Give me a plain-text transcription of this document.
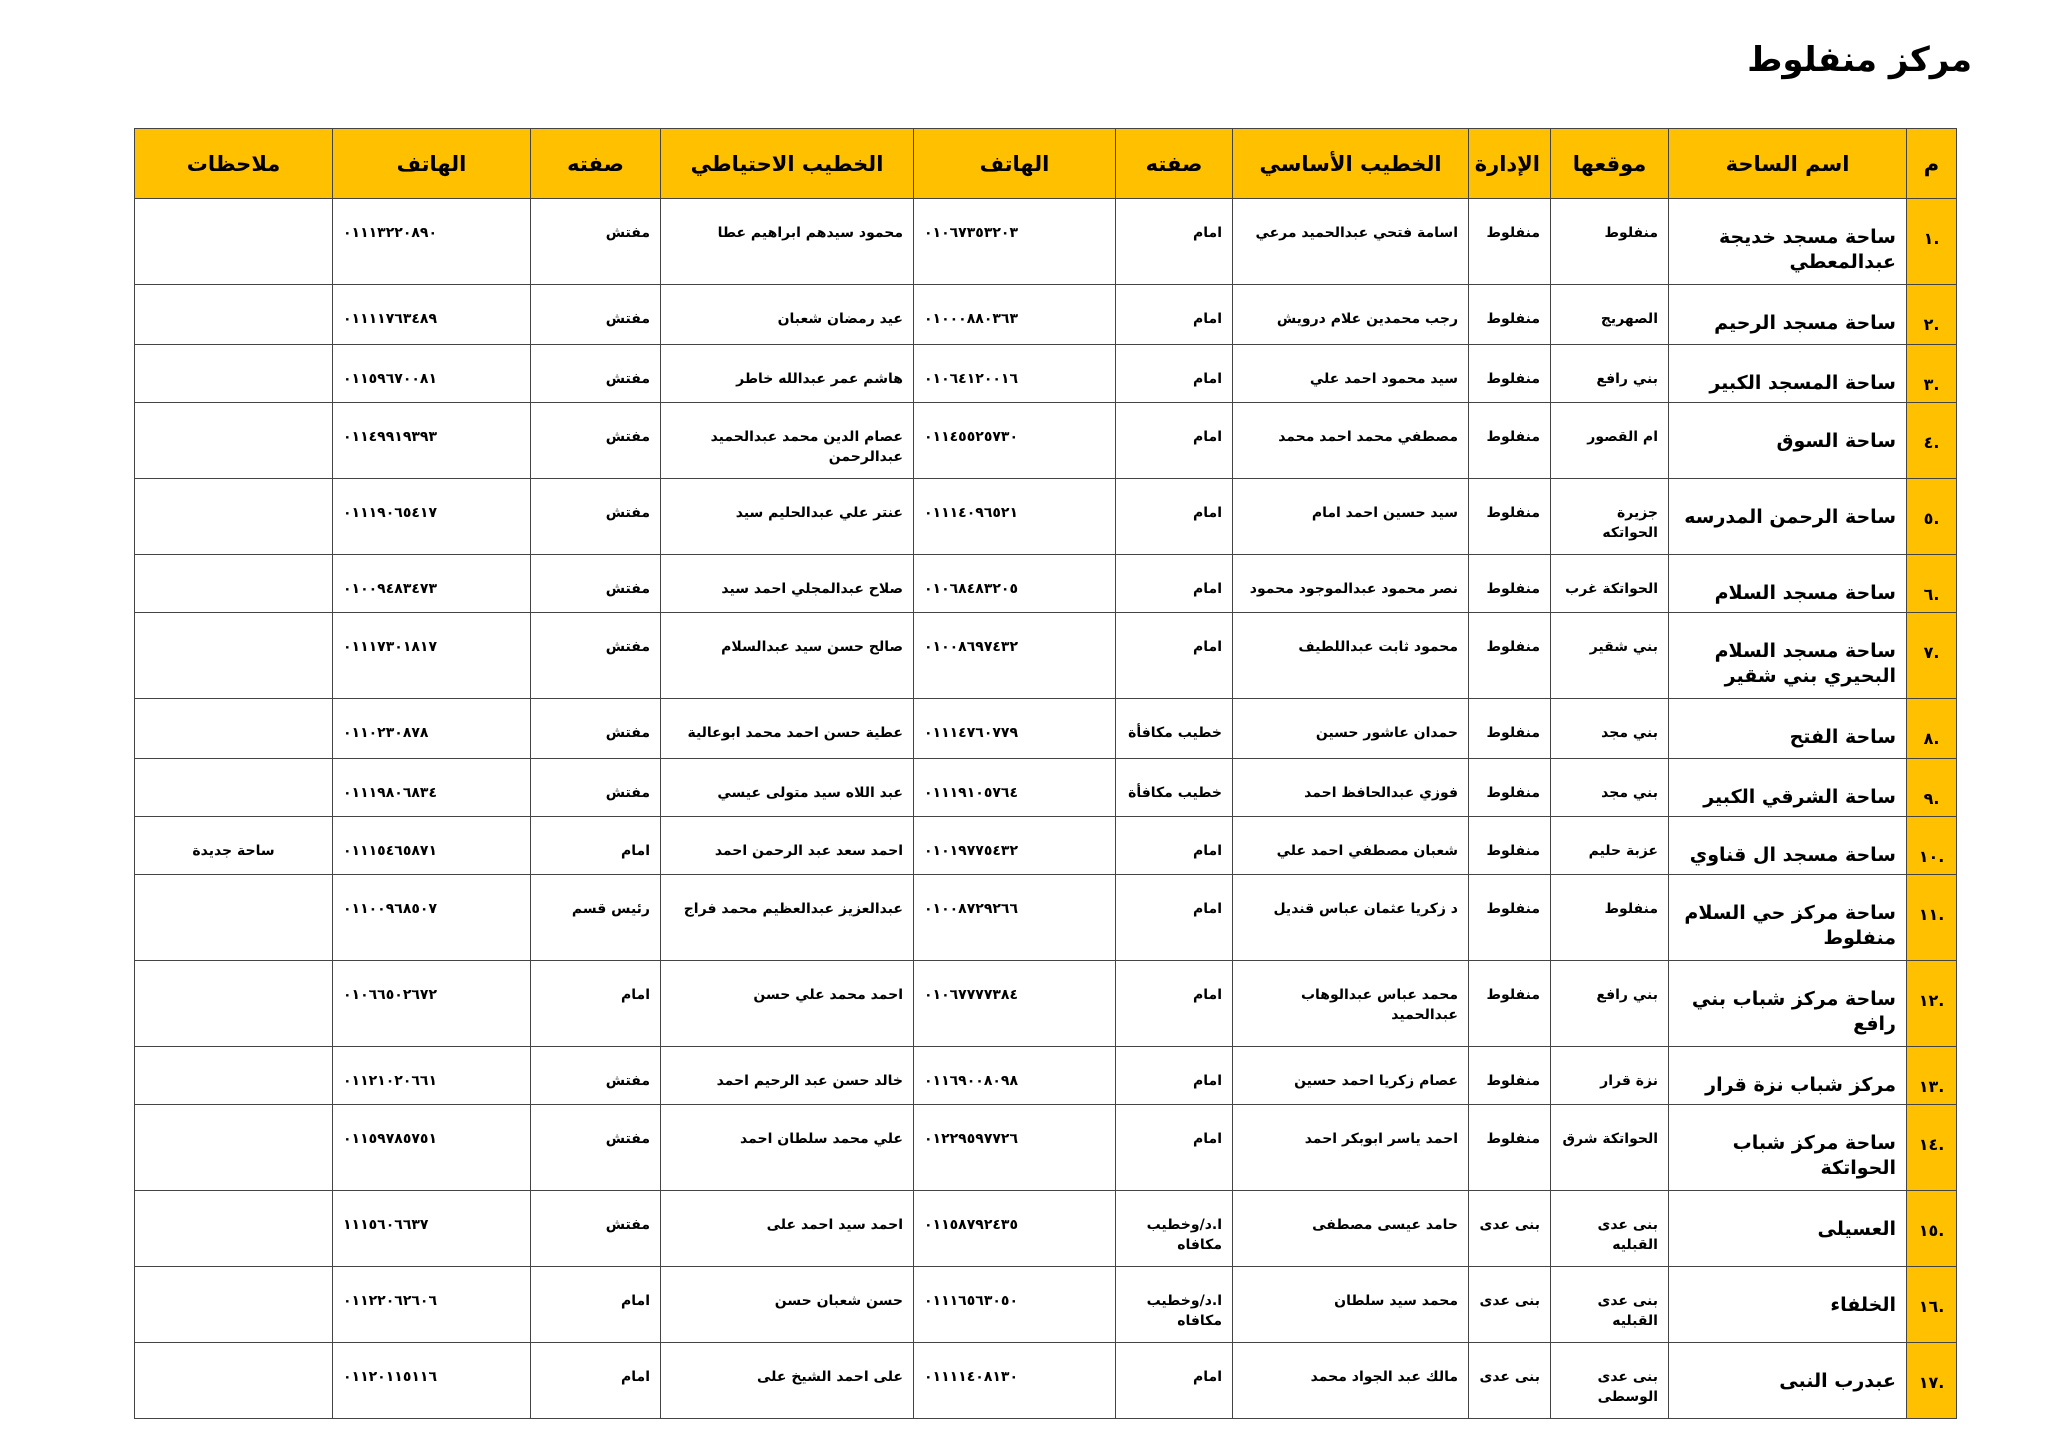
مركز منفلوط
م	اسم الساحة	موقعها	الإدارة	الخطيب الأساسي	صفته	الهاتف	الخطيب الاحتياطي	صفته	الهاتف	ملاحظات
.١	ساحة مسجد خديجة عبدالمعطي	منفلوط	منفلوط	اسامة فتحي عبدالحميد مرعي	امام	٠١٠٦٧٣٥٣٢٠٣	محمود سيدهم ابراهيم عطا	مفتش	٠١١١٣٢٢٠٨٩٠	
.٢	ساحة مسجد الرحيم	الصهريج	منفلوط	رجب محمدين علام درويش	امام	٠١٠٠٠٨٨٠٣٦٣	عيد رمضان شعبان	مفتش	٠١١١١٧٦٣٤٨٩	
.٣	ساحة المسجد الكبير	بني رافع	منفلوط	سيد محمود احمد علي	امام	٠١٠٦٤١٢٠٠١٦	هاشم عمر عبدالله خاطر	مفتش	٠١١٥٩٦٧٠٠٨١	
.٤	ساحة السوق	ام القصور	منفلوط	مصطفي محمد احمد محمد	امام	٠١١٤٥٥٢٥٧٣٠	عصام الدين محمد عبدالحميد عبدالرحمن	مفتش	٠١١٤٩٩١٩٣٩٣	
.٥	ساحة الرحمن المدرسه	جزيرة الحواتكه	منفلوط	سيد حسين احمد امام	امام	٠١١١٤٠٩٦٥٢١	عنتر علي عبدالحليم سيد	مفتش	٠١١١٩٠٦٥٤١٧	
.٦	ساحة مسجد السلام	الحواتكة غرب	منفلوط	نصر محمود عبدالموجود محمود	امام	٠١٠٦٨٤٨٣٢٠٥	صلاح عبدالمجلي احمد سيد	مفتش	٠١٠٠٩٤٨٣٤٧٣	
.٧	ساحة مسجد السلام البحيري بني شقير	بني شقير	منفلوط	محمود ثابت عبداللطيف	امام	٠١٠٠٨٦٩٧٤٣٢	صالح حسن سيد عبدالسلام	مفتش	٠١١١٧٣٠١٨١٧	
.٨	ساحة الفتح	بني مجد	منفلوط	حمدان عاشور حسين	خطيب مكافأة	٠١١١٤٧٦٠٧٧٩	عطية حسن احمد محمد ابوعالية	مفتش	٠١١٠٢٣٠٨٧٨	
.٩	ساحة الشرقي الكبير	بني مجد	منفلوط	فوزي عبدالحافظ احمد	خطيب مكافأة	٠١١١٩١٠٥٧٦٤	عبد اللاه سيد متولى عيسي	مفتش	٠١١١٩٨٠٦٨٣٤	
.١٠	ساحة مسجد ال قناوي	عزبة حليم	منفلوط	شعبان مصطفي احمد علي	امام	٠١٠١٩٧٧٥٤٣٢	احمد سعد عبد الرحمن احمد	امام	٠١١١٥٤٦٥٨٧١	ساحة جديدة
.١١	ساحة مركز حي السلام منفلوط	منفلوط	منفلوط	د زكريا عثمان عباس قنديل	امام	٠١٠٠٨٧٢٩٢٦٦	عبدالعزيز عبدالعظيم محمد فراج	رئيس قسم	٠١١٠٠٩٦٨٥٠٧	
.١٢	ساحة مركز شباب بني رافع	بني رافع	منفلوط	محمد عباس عبدالوهاب عبدالحميد	امام	٠١٠٦٧٧٧٧٣٨٤	احمد محمد علي حسن	امام	٠١٠٦٦٥٠٢٦٧٢	
.١٣	مركز شباب نزة قرار	نزة قرار	منفلوط	عصام زكريا احمد حسين	امام	٠١١٦٩٠٠٨٠٩٨	خالد حسن عبد الرحيم احمد	مفتش	٠١١٢١٠٢٠٦٦١	
.١٤	ساحة مركز شباب الحواتكة	الحواتكة شرق	منفلوط	احمد ياسر ابوبكر احمد	امام	٠١٢٢٩٥٩٧٧٢٦	علي محمد سلطان احمد	مفتش	٠١١٥٩٧٨٥٧٥١	
.١٥	العسيلى	بنى عدى القبليه	بنى عدى	حامد عيسى مصطفى	ا.د/وخطيب مكافاه	٠١١٥٨٧٩٢٤٣٥	احمد سيد احمد على	مفتش	١١١٥٦٠٦٦٣٧	
.١٦	الخلفاء	بنى عدى القبليه	بنى عدى	محمد سيد سلطان	ا.د/وخطيب مكافاه	٠١١١٦٥٦٣٠٥٠	حسن شعبان حسن	امام	٠١١٢٢٠٦٢٦٠٦	
.١٧	عبدرب النبى	بنى عدى الوسطى	بنى عدى	مالك عبد الجواد محمد	امام	٠١١١١٤٠٨١٣٠	على احمد الشيخ على	امام	٠١١٢٠١١٥١١٦	
